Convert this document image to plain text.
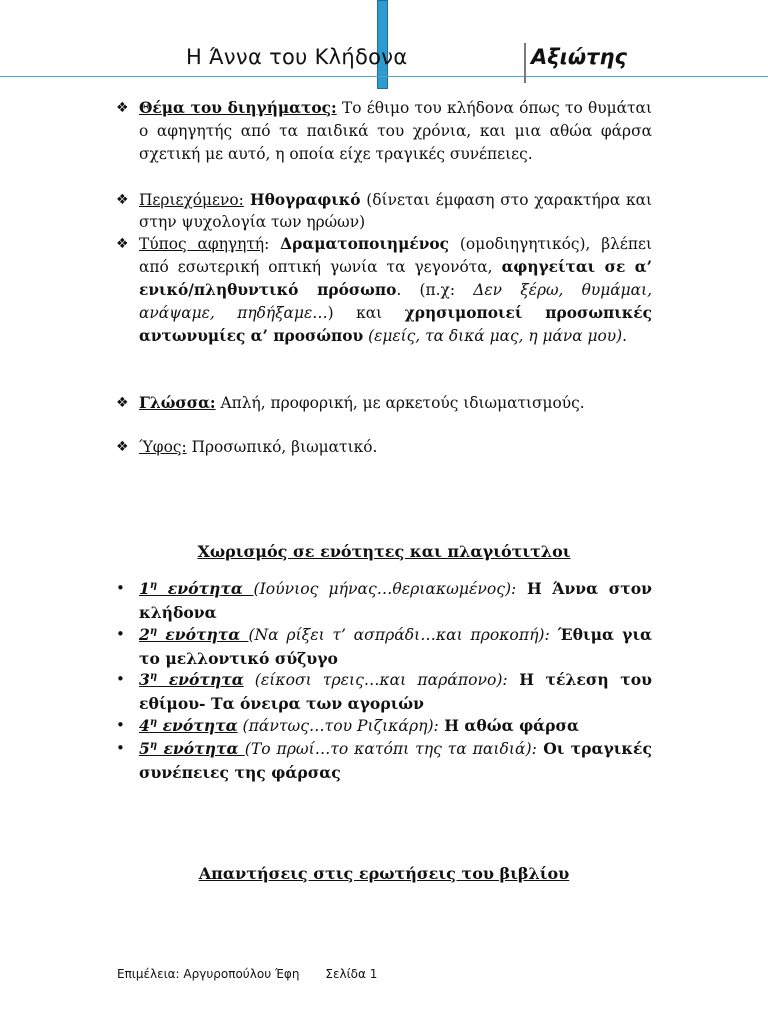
Η Άννα του Κλήδονα	Αξιώτης
❖ Θέμα του διηγήματος: Το έθιμο του κλήδονα όπως το θυμάται ο αφηγητής από τα παιδικά του χρόνια, και μια αθώα φάρσα σχετική με αυτό, η οποία είχε τραγικές συνέπειες.
❖ Περιεχόμενο: Ηθογραφικό (δίνεται έμφαση στο χαρακτήρα και στην ψυχολογία των ηρώων)
❖ Τύπος αφηγητή: Δραματοποιημένος (ομοδιηγητικός), βλέπει από εσωτερική οπτική γωνία τα γεγονότα, αφηγείται σε α’ ενικό/πληθυντικό πρόσωπο. (π.χ: Δεν ξέρω, θυμάμαι, ανάψαμε, πηδήξαμε…) και χρησιμοποιεί προσωπικές αντωνυμίες α’ προσώπου (εμείς, τα δικά μας, η μάνα μου).
❖ Γλώσσα: Απλή, προφορική, με αρκετούς ιδιωματισμούς.
❖ Ύφος: Προσωπικό, βιωματικό.
Χωρισμός σε ενότητες και πλαγιότιτλοι
• $1^\eta$ ενότητα (Ιούνιος μήνας…θεριακωμένος): Η Άννα στον κλήδονα
• $2^\eta$ ενότητα (Να ρίξει τ’ ασπράδι…και προκοπή): Έθιμα για το μελλοντικό σύζυγο
• $3^\eta$ ενότητα (είκοσι τρεις…και παράπονο): Η τέλεση του εθίμου- Τα όνειρα των αγοριών
• $4^\eta$ ενότητα (πάντως…του Ριζικάρη): Η αθώα φάρσα
• $5^\eta$ ενότητα (Το πρωί…το κατόπι της τα παιδιά): Οι τραγικές συνέπειες της φάρσας
Απαντήσεις στις ερωτήσεις του βιβλίου
Επιμέλεια: Αργυροπούλου Έφη Σελίδα 1
